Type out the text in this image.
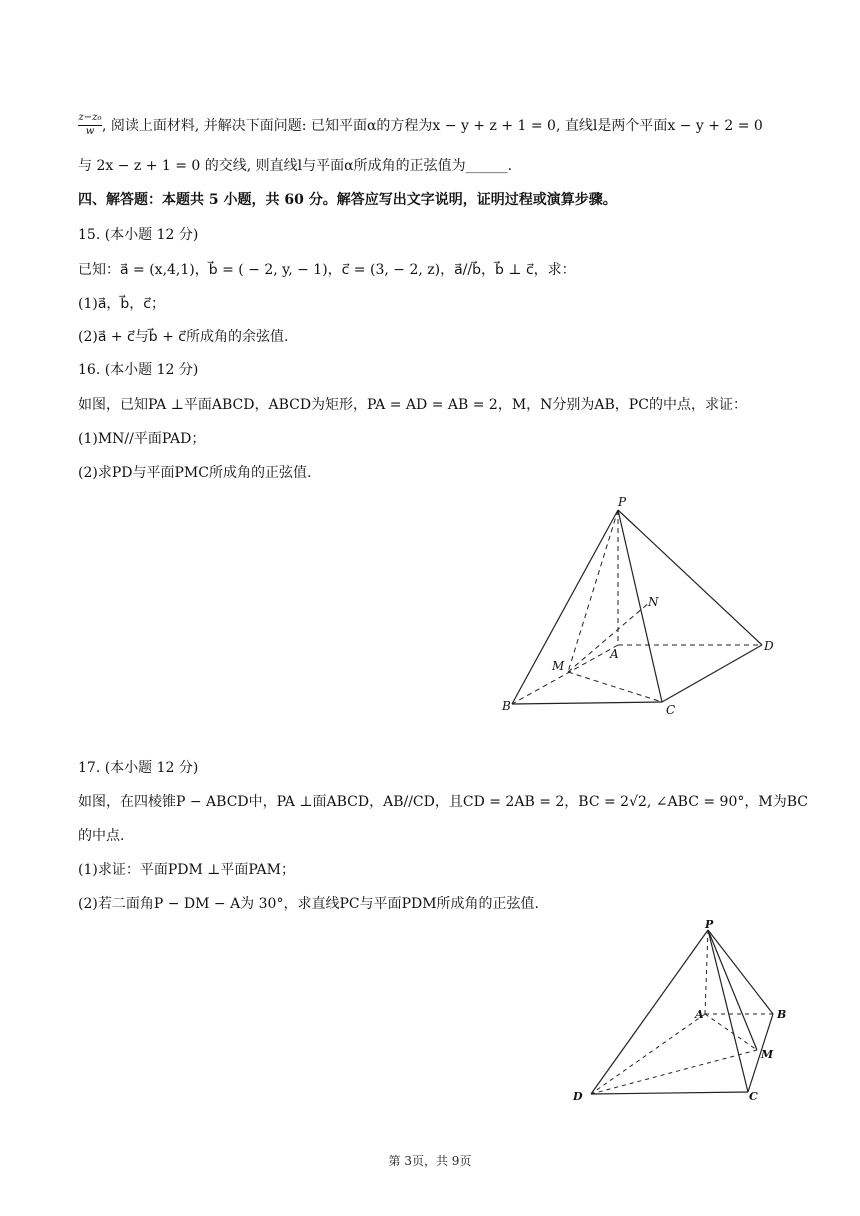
$\frac{\text{z−z₀}}{w}$ , 阅读上面材料, 并解决下面问题: 已知平面α的方程为x − y + z + 1 = 0, 直线l是两个平面x − y + 2 = 0
与 2x − z + 1 = 0 的交线, 则直线l与平面α所成角的正弦值为______.
四、解答题：本题共 5 小题，共 60 分。解答应写出文字说明，证明过程或演算步骤。
15. (本小题 12 分)
已知：a⃗ = (x,4,1)，b⃗ = ( − 2, y, − 1)，c⃗ = (3, − 2, z)，a⃗//b⃗，b⃗ ⊥ c⃗，求：
(1)a⃗，b⃗，c⃗；
(2)a⃗ + c⃗与b⃗ + c⃗所成角的余弦值.
16. (本小题 12 分)
如图，已知PA ⊥平面ABCD，ABCD为矩形，PA = AD = AB = 2，M，N分别为AB，PC的中点，求证：
(1)MN//平面PAD；
(2)求PD与平面PMC所成角的正弦值.
P
N
A
D
M
B	C
17. (本小题 12 分)
如图，在四棱锥P − ABCD中，PA ⊥面ABCD，AB//CD，且CD = 2AB = 2，BC = 2√2, ∠ABC = 90°，M为BC
的中点.
(1)求证：平面PDM ⊥平面PAM；
(2)若二面角P − DM − A为 30°，求直线PC与平面PDM所成角的正弦值.
P
A	B
M
D	C
第 3页，共 9页
